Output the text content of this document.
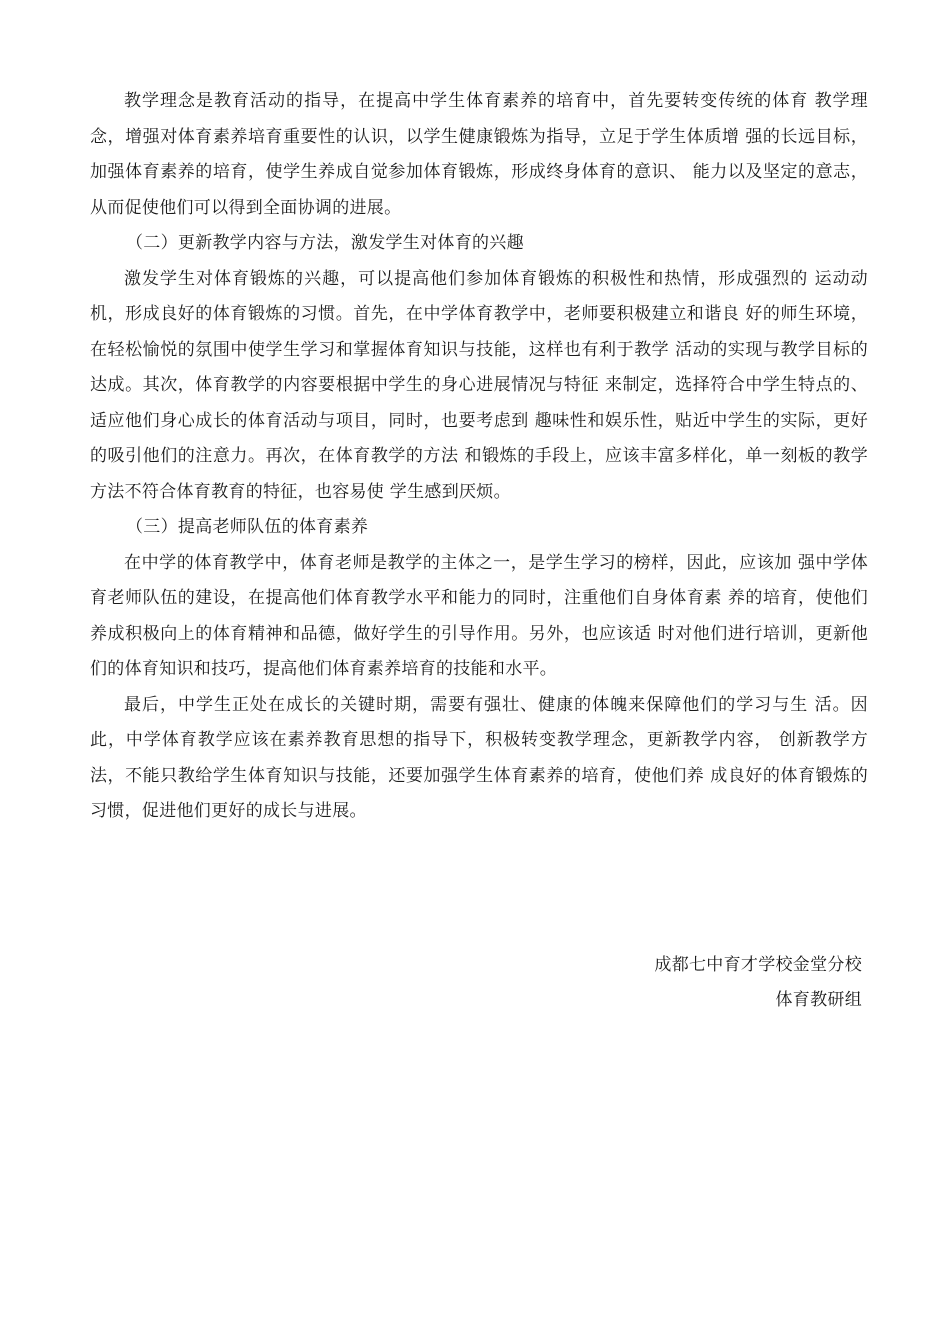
教学理念是教育活动的指导，在提高中学生体育素养的培育中，首先要转变传统的体育 教学理念，增强对体育素养培育重要性的认识，以学生健康锻炼为指导，立足于学生体质增 强的长远目标，加强体育素养的培育，使学生养成自觉参加体育锻炼，形成终身体育的意识、 能力以及坚定的意志，从而促使他们可以得到全面协调的进展。

（二）更新教学内容与方法，激发学生对体育的兴趣

激发学生对体育锻炼的兴趣，可以提高他们参加体育锻炼的积极性和热情，形成强烈的 运动动机，形成良好的体育锻炼的习惯。首先，在中学体育教学中，老师要积极建立和谐良 好的师生环境，在轻松愉悦的氛围中使学生学习和掌握体育知识与技能，这样也有利于教学 活动的实现与教学目标的达成。其次，体育教学的内容要根据中学生的身心进展情况与特征 来制定，选择符合中学生特点的、适应他们身心成长的体育活动与项目，同时，也要考虑到 趣味性和娱乐性，贴近中学生的实际，更好的吸引他们的注意力。再次，在体育教学的方法 和锻炼的手段上，应该丰富多样化，单一刻板的教学方法不符合体育教育的特征，也容易使 学生感到厌烦。

（三）提高老师队伍的体育素养

在中学的体育教学中，体育老师是教学的主体之一，是学生学习的榜样，因此，应该加 强中学体育老师队伍的建设，在提高他们体育教学水平和能力的同时，注重他们自身体育素 养的培育，使他们养成积极向上的体育精神和品德，做好学生的引导作用。另外，也应该适 时对他们进行培训，更新他们的体育知识和技巧，提高他们体育素养培育的技能和水平。

最后，中学生正处在成长的关键时期，需要有强壮、健康的体魄来保障他们的学习与生 活。因此，中学体育教学应该在素养教育思想的指导下，积极转变教学理念，更新教学内容， 创新教学方法，不能只教给学生体育知识与技能，还要加强学生体育素养的培育，使他们养 成良好的体育锻炼的习惯，促进他们更好的成长与进展。

成都七中育才学校金堂分校
体育教研组
